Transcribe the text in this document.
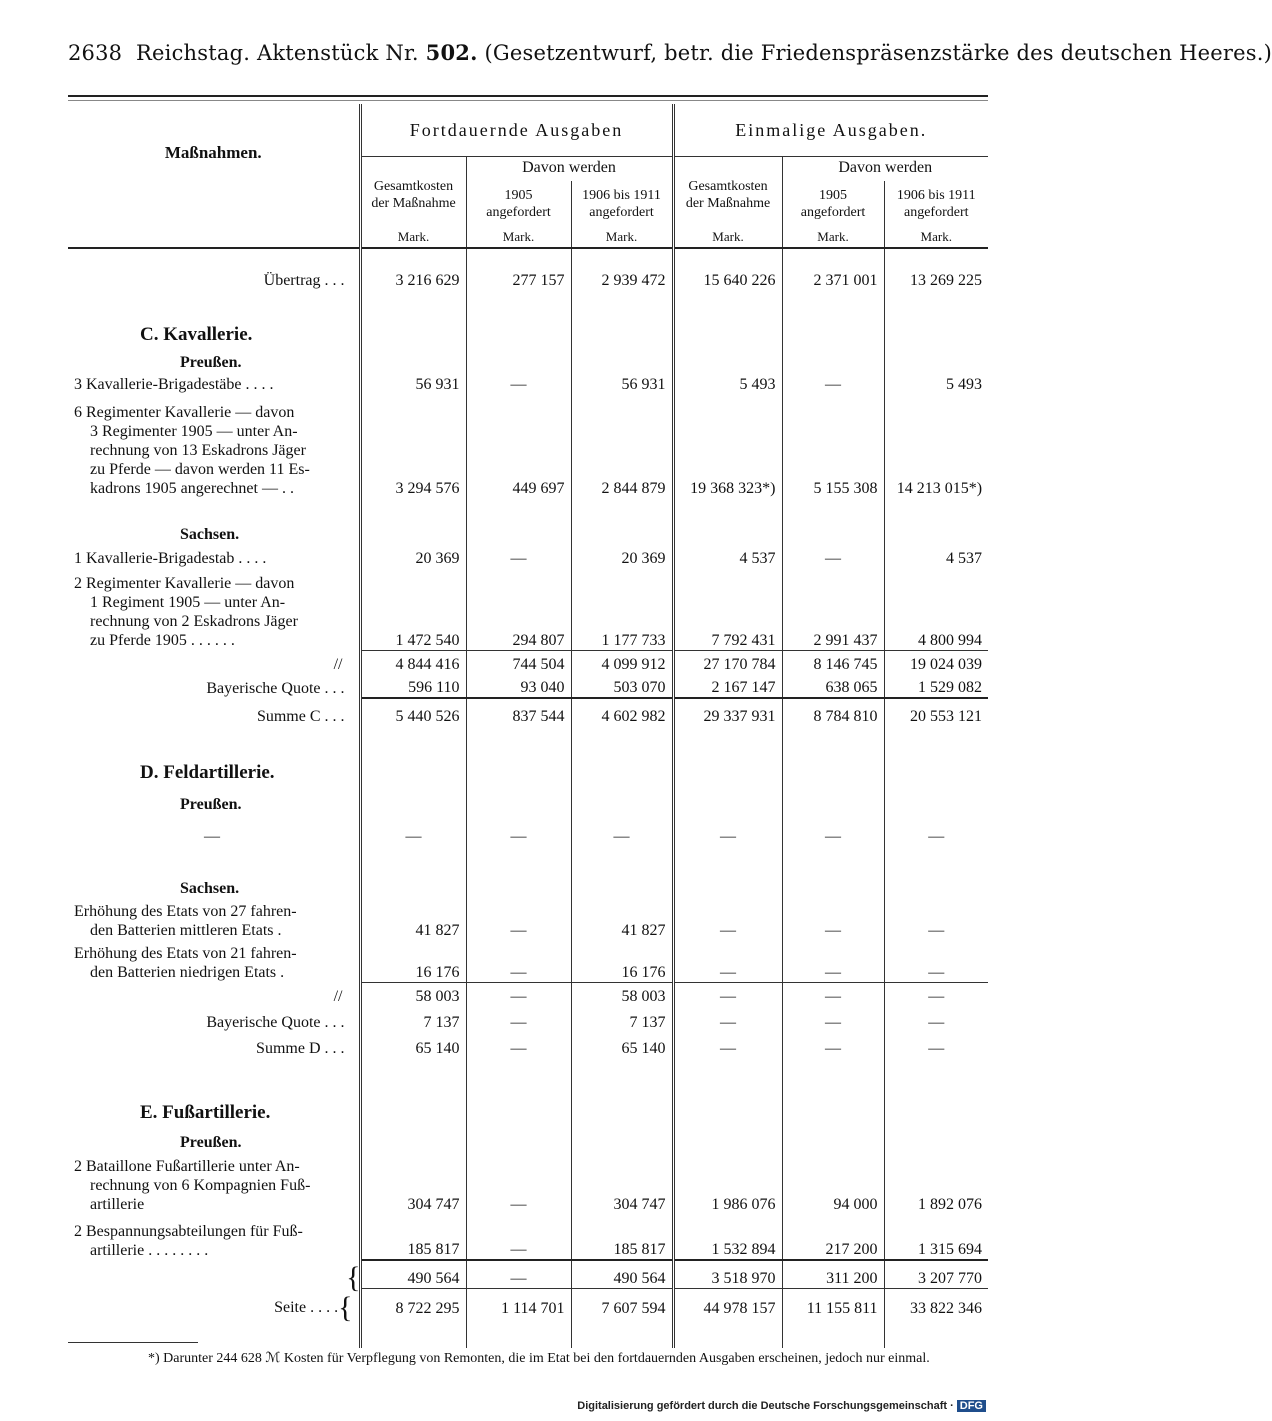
2638 Reichstag. Aktenstück Nr. 502. (Gesetzentwurf, betr. die Friedenspräsenzstärke des deutschen Heeres.)
Maßnahmen.	Fortdauernde Ausgaben			Einmalige Ausgaben.		
	Gesamtkosten der Maßnahme	Davon werden		Gesamtkosten der Maßnahme	Davon werden	
		1905 angefordert	1906 bis 1911 angefordert		1905 angefordert	1906 bis 1911 angefordert
	Mark.	Mark.	Mark.	Mark.	Mark.	Mark.

Übertrag . . .	3 216 629	277 157	2 939 472	15 640 226	2 371 001	13 269 225

C. Kavallerie.						
Preußen.						
3 Kavallerie-Brigadestäbe . . . .	56 931	—	56 931	5 493	—	5 493

6 Regimenter Kavallerie — davon
3 Regimenter 1905 — unter An-
rechnung von 13 Eskadrons Jäger
zu Pferde — davon werden 11 Es-
kadrons 1905 angerechnet — . .	3 294 576	449 697	2 844 879	19 368 323*)	5 155 308	14 213 015*)

Sachsen.						
1 Kavallerie-Brigadestab . . . .	20 369	—	20 369	4 537	—	4 537

2 Regimenter Kavallerie — davon
1 Regiment 1905 — unter An-
rechnung von 2 Eskadrons Jäger
zu Pferde 1905 . . . . . .	1 472 540	294 807	1 177 733	7 792 431	2 991 437	4 800 994

//	4 844 416	744 504	4 099 912	27 170 784	8 146 745	19 024 039
Bayerische Quote . . .	596 110	93 040	503 070	2 167 147	638 065	1 529 082
Summe C . . .	5 440 526	837 544	4 602 982	29 337 931	8 784 810	20 553 121

D. Feldartillerie.						
Preußen.						
—	—	—	—	—	—	—

Sachsen.						

Erhöhung des Etats von 27 fahren-
den Batterien mittleren Etats .	41 827	—	41 827	—	—	—

Erhöhung des Etats von 21 fahren-
den Batterien niedrigen Etats .	16 176	—	16 176	—	—	—

//	58 003	—	58 003	—	—	—
Bayerische Quote . . .	7 137	—	7 137	—	—	—
Summe D . . .	65 140	—	65 140	—	—	—

E. Fußartillerie.						
Preußen.						

2 Bataillone Fußartillerie unter An-
rechnung von 6 Kompagnien Fuß-
artillerie	304 747	—	304 747	1 986 076	94 000	1 892 076

2 Bespannungsabteilungen für Fuß-
artillerie . . . . . . . .	185 817	—	185 817	1 532 894	217 200	1 315 694

{	490 564	—	490 564	3 518 970	311 200	3 207 770
Seite . . . . {	8 722 295	1 114 701	7 607 594	44 978 157	11 155 811	33 822 346

*) Darunter 244 628 ℳ Kosten für Verpflegung von Remonten, die im Etat bei den fortdauernden Ausgaben erscheinen, jedoch nur einmal.
Digitalisierung gefördert durch die Deutsche Forschungsgemeinschaft · DFG
